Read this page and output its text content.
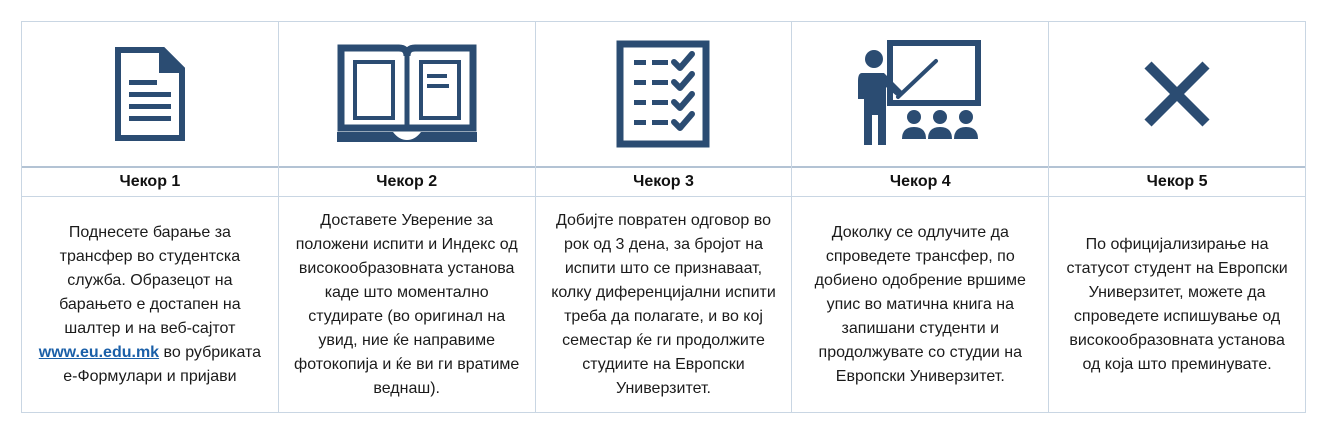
Чекор 1
Поднесете барање за трансфер во студентска служба. Образецот на барањето е достапен на шалтер и на веб-сајтот www.eu.edu.mk во рубриката е-Формулари и пријави
Чекор 2
Доставете Уверение за положени испити и Индекс од високообразовната установа каде што моментално студирате (во оригинал на увид, ние ќе направиме фотокопија и ќе ви ги вратиме веднаш).
Чекор 3
Добијте повратен одговор во рок од 3 дена, за бројот на испити што се признаваат, колку диференцијални испити треба да полагате, и во кој семестар ќе ги продолжите студиите на Европски Универзитет.
Чекор 4
Доколку се одлучите да спроведете трансфер, по добиено одобрение вршиме упис во матична книга на запишани студенти и продолжувате со студии на Европски Универзитет.
Чекор 5
По официјализирање на статусот студент на Европски Универзитет, можете да спроведете испишување од високообразовната установа од која што преминувате.
